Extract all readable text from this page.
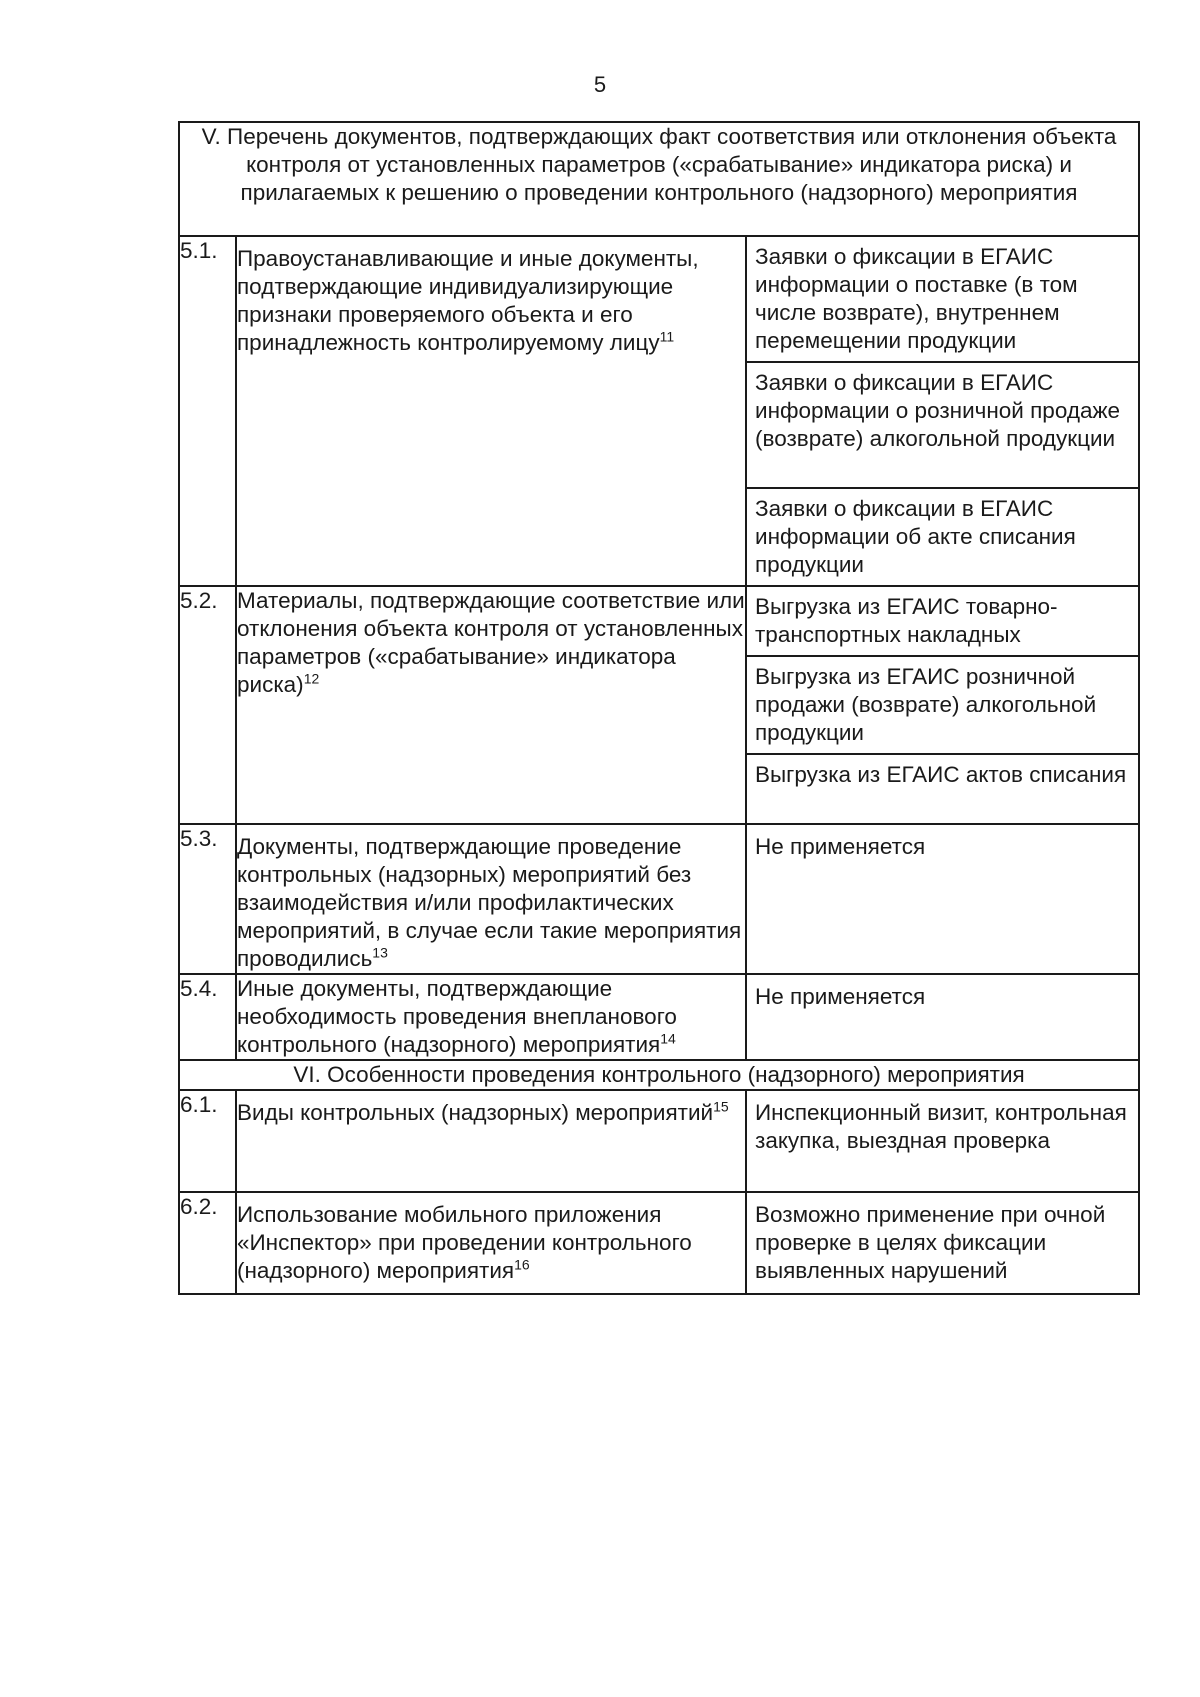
5
V. Перечень документов, подтверждающих факт соответствия или отклонения объекта контроля от установленных параметров («срабатывание» индикатора риска) и прилагаемых к решению о проведении контрольного (надзорного) мероприятия		
5.1.	Правоустанавливающие и иные документы, подтверждающие индивидуализирующие признаки проверяемого объекта и его принадлежность контролируемому лицу$^{11}$	Заявки о фиксации в ЕГАИС информации о поставке (в том числе возврате), внутреннем перемещении продукции
Заявки о фиксации в ЕГАИС информации о розничной продаже (возврате) алкогольной продукции
Заявки о фиксации в ЕГАИС информации об акте списания продукции

5.2.	Материалы, подтверждающие соответствие или отклонения объекта контроля от установленных параметров («срабатывание» индикатора риска)$^{12}$	Выгрузка из ЕГАИС товарно-транспортных накладных
Выгрузка из ЕГАИС розничной продажи (возврате) алкогольной продукции
Выгрузка из ЕГАИС актов списания

5.3.	Документы, подтверждающие проведение контрольных (надзорных) мероприятий без взаимодействия и/или профилактических мероприятий, в случае если такие мероприятия проводились$^{13}$	Не применяется

5.4.	Иные документы, подтверждающие необходимость проведения внепланового контрольного (надзорного) мероприятия$^{14}$	Не применяется

VI. Особенности проведения контрольного (надзорного) мероприятия		
6.1.	Виды контрольных (надзорных) мероприятий$^{15}$	Инспекционный визит, контрольная закупка, выездная проверка

6.2.	Использование мобильного приложения «Инспектор» при проведении контрольного (надзорного) мероприятия$^{16}$	Возможно применение при очной проверке в целях фиксации выявленных нарушений
